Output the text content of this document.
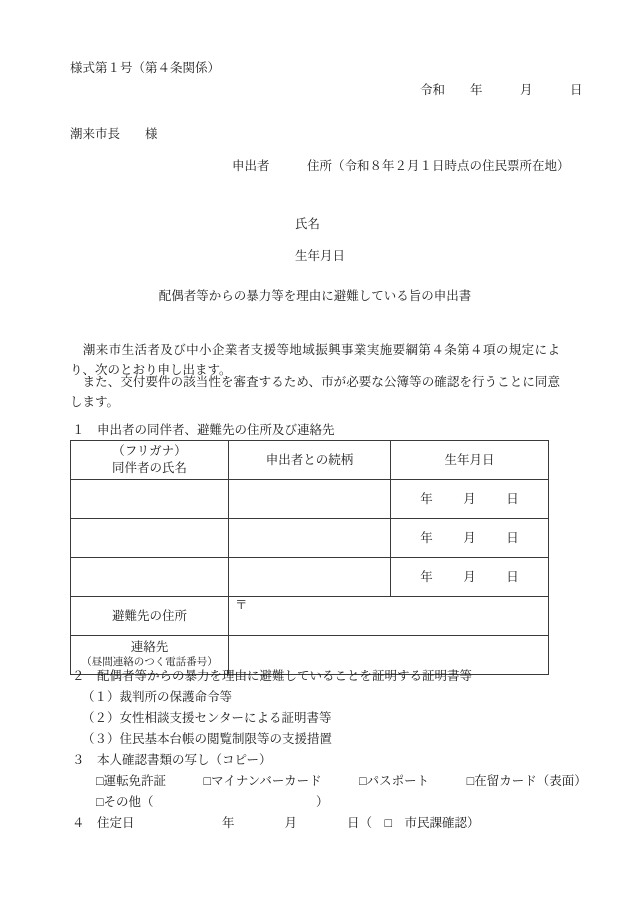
様式第１号（第４条関係）
令和　　年　　　月　　　日
潮来市長　　様
申出者　　　住所（令和８年２月１日時点の住民票所在地）
氏名
生年月日
配偶者等からの暴力等を理由に避難している旨の申出書
　潮来市生活者及び中小企業者支援等地域振興事業実施要綱第４条第４項の規定により、次のとおり申し出ます。
　また、交付要件の該当性を審査するため、市が必要な公簿等の確認を行うことに同意します。
１　申出者の同伴者、避難先の住所及び連絡先
（フリガナ）
同伴者の氏名	申出者との続柄	生年月日

		年 月 日

		年 月 日

		年 月 日

避難先の住所	〒	
連絡先
（昼間連絡のつく電話番号）		

２　配偶者等からの暴力を理由に避難していることを証明する証明書等
（１）裁判所の保護命令等
（２）女性相談支援センターによる証明書等
（３）住民基本台帳の閲覧制限等の支援措置
３　本人確認書類の写し（コピー）
□運転免許証　　　□マイナンバーカード　　　□パスポート　　　□在留カード（表面）
□その他（　　　　　　　　　　　　　）
４　住定日　　　　　　　年　　　　月　　　　日（　□　市民課確認）
